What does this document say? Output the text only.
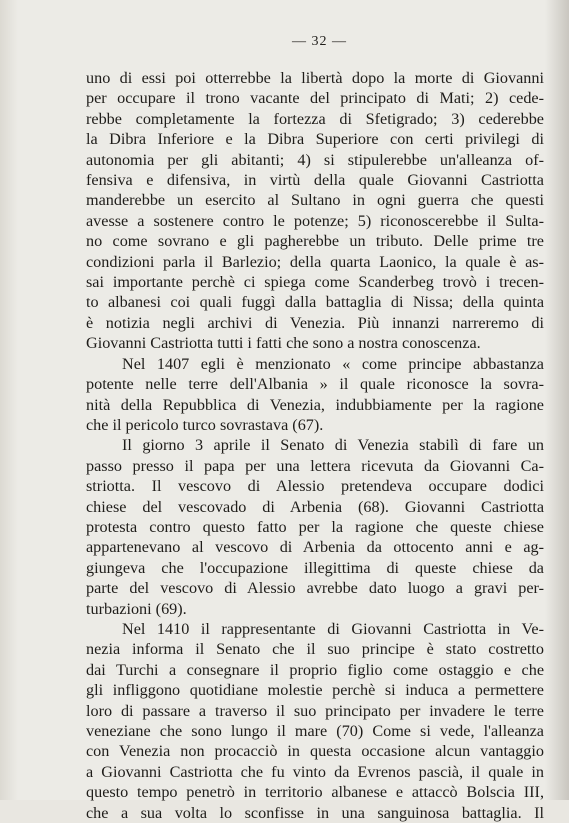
— 32 —
uno di essi poi otterrebbe la libertà dopo la morte di Giovanni
per occupare il trono vacante del principato di Mati; 2) cede-
rebbe completamente la fortezza di Sfetigrado; 3) cederebbe
la Dibra Inferiore e la Dibra Superiore con certi privilegi di
autonomia per gli abitanti; 4) si stipulerebbe un'alleanza of-
fensiva e difensiva, in virtù della quale Giovanni Castriotta
manderebbe un esercito al Sultano in ogni guerra che questi
avesse a sostenere contro le potenze; 5) riconoscerebbe il Sulta-
no come sovrano e gli pagherebbe un tributo. Delle prime tre
condizioni parla il Barlezio; della quarta Laonico, la quale è as-
sai importante perchè ci spiega come Scanderbeg trovò i trecen-
to albanesi coi quali fuggì dalla battaglia di Nissa; della quinta
è notizia negli archivi di Venezia. Più innanzi narreremo di
Giovanni Castriotta tutti i fatti che sono a nostra conoscenza.
Nel 1407 egli è menzionato « come principe abbastanza
potente nelle terre dell'Albania » il quale riconosce la sovra-
nità della Repubblica di Venezia, indubbiamente per la ragione
che il pericolo turco sovrastava (67).
Il giorno 3 aprile il Senato di Venezia stabilì di fare un
passo presso il papa per una lettera ricevuta da Giovanni Ca-
striotta. Il vescovo di Alessio pretendeva occupare dodici
chiese del vescovado di Arbenia (68). Giovanni Castriotta
protesta contro questo fatto per la ragione che queste chiese
appartenevano al vescovo di Arbenia da ottocento anni e ag-
giungeva che l'occupazione illegittima di queste chiese da
parte del vescovo di Alessio avrebbe dato luogo a gravi per-
turbazioni (69).
Nel 1410 il rappresentante di Giovanni Castriotta in Ve-
nezia informa il Senato che il suo principe è stato costretto
dai Turchi a consegnare il proprio figlio come ostaggio e che
gli infliggono quotidiane molestie perchè si induca a permettere
loro di passare a traverso il suo principato per invadere le terre
veneziane che sono lungo il mare (70) Come si vede, l'alleanza
con Venezia non procacciò in questa occasione alcun vantaggio
a Giovanni Castriotta che fu vinto da Evrenos pascià, il quale in
questo tempo penetrò in territorio albanese e attaccò Bolscia III,
che a sua volta lo sconfisse in una sanguinosa battaglia. Il
